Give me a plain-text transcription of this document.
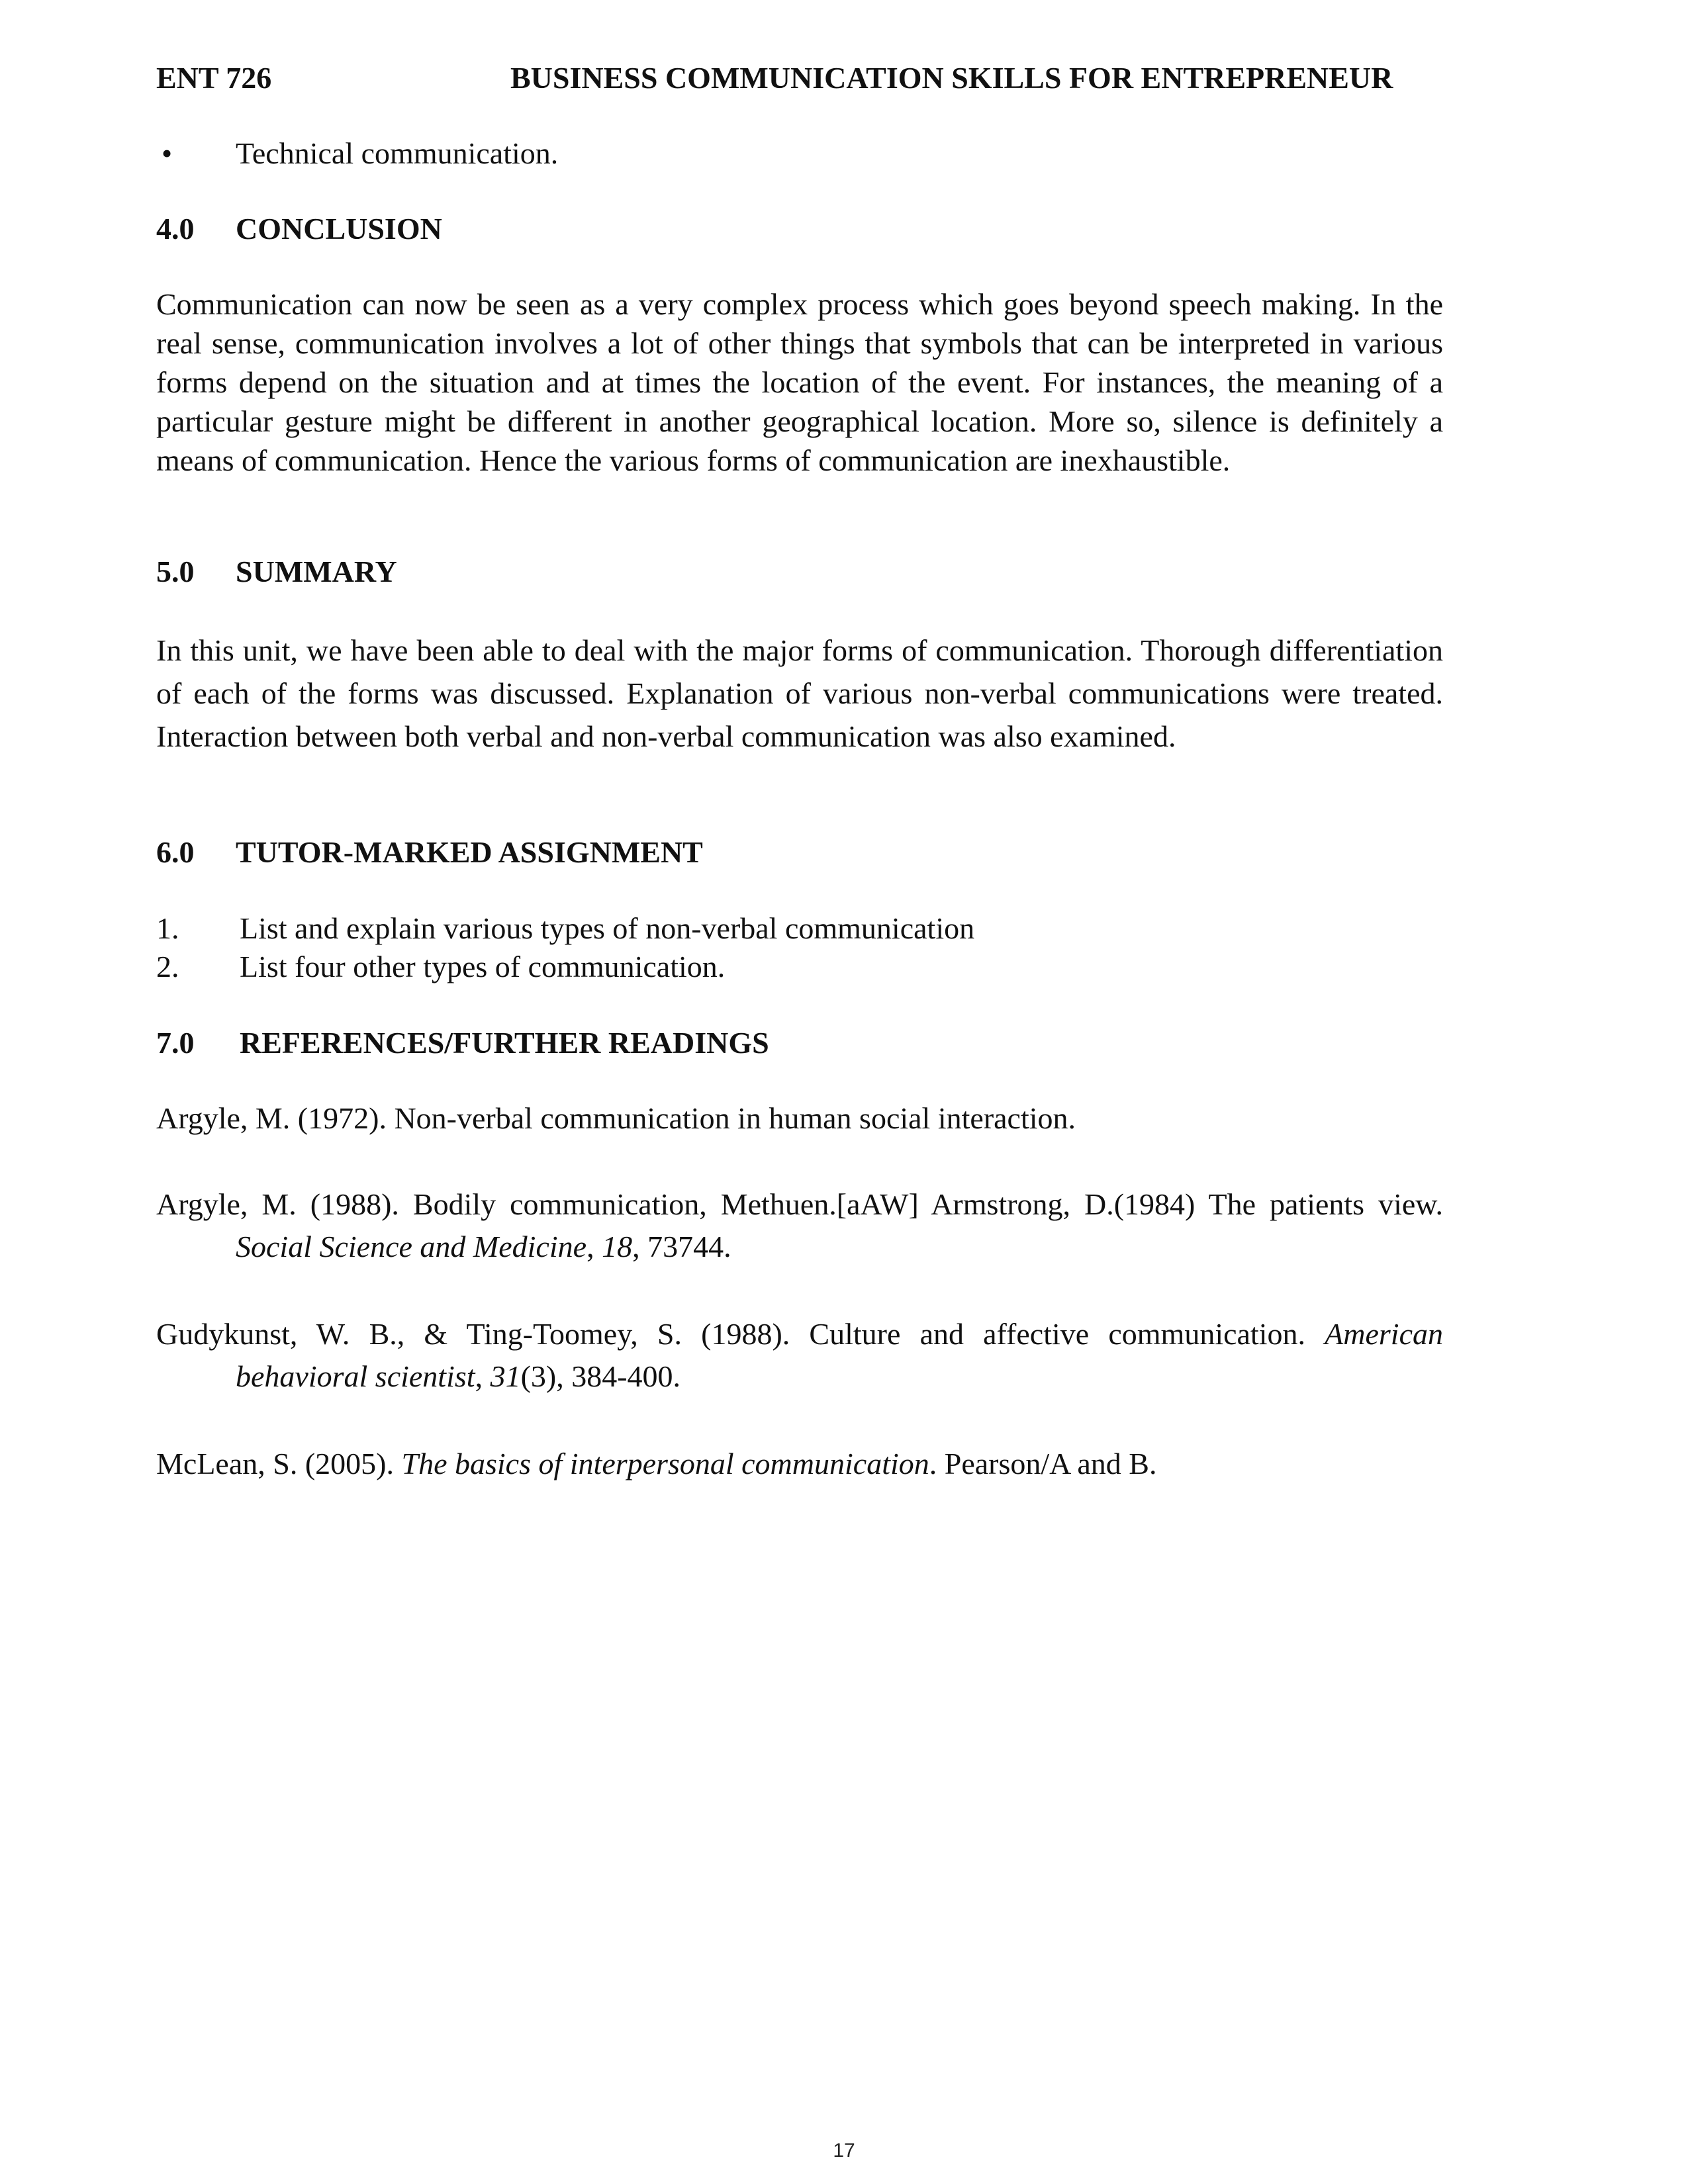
ENT 726	BUSINESS COMMUNICATION SKILLS FOR ENTREPRENEUR
• Technical communication.
4.0 CONCLUSION
Communication can now be seen as a very complex process which goes beyond speech making. In the real sense, communication involves a lot of other things that symbols that can be interpreted in various forms depend on the situation and at times the location of the event. For instances, the meaning of a particular gesture might be different in another geographical location. More so, silence is definitely a means of communication. Hence the various forms of communication are inexhaustible.
5.0 SUMMARY
In this unit, we have been able to deal with the major forms of communication. Thorough differentiation of each of the forms was discussed. Explanation of various non-verbal communications were treated. Interaction between both verbal and non-verbal communication was also examined.
6.0 TUTOR-MARKED ASSIGNMENT
1. List and explain various types of non-verbal communication
2. List four other types of communication.
7.0 REFERENCES/FURTHER READINGS
Argyle, M. (1972). Non-verbal communication in human social interaction.
Argyle, M. (1988). Bodily communication, Methuen.[aAW] Armstrong, D.(1984) The patients view. Social Science and Medicine, 18, 73744.
Gudykunst, W. B., & Ting-Toomey, S. (1988). Culture and affective communication. American behavioral scientist, 31(3), 384-400.
McLean, S. (2005). The basics of interpersonal communication. Pearson/A and B.
17
